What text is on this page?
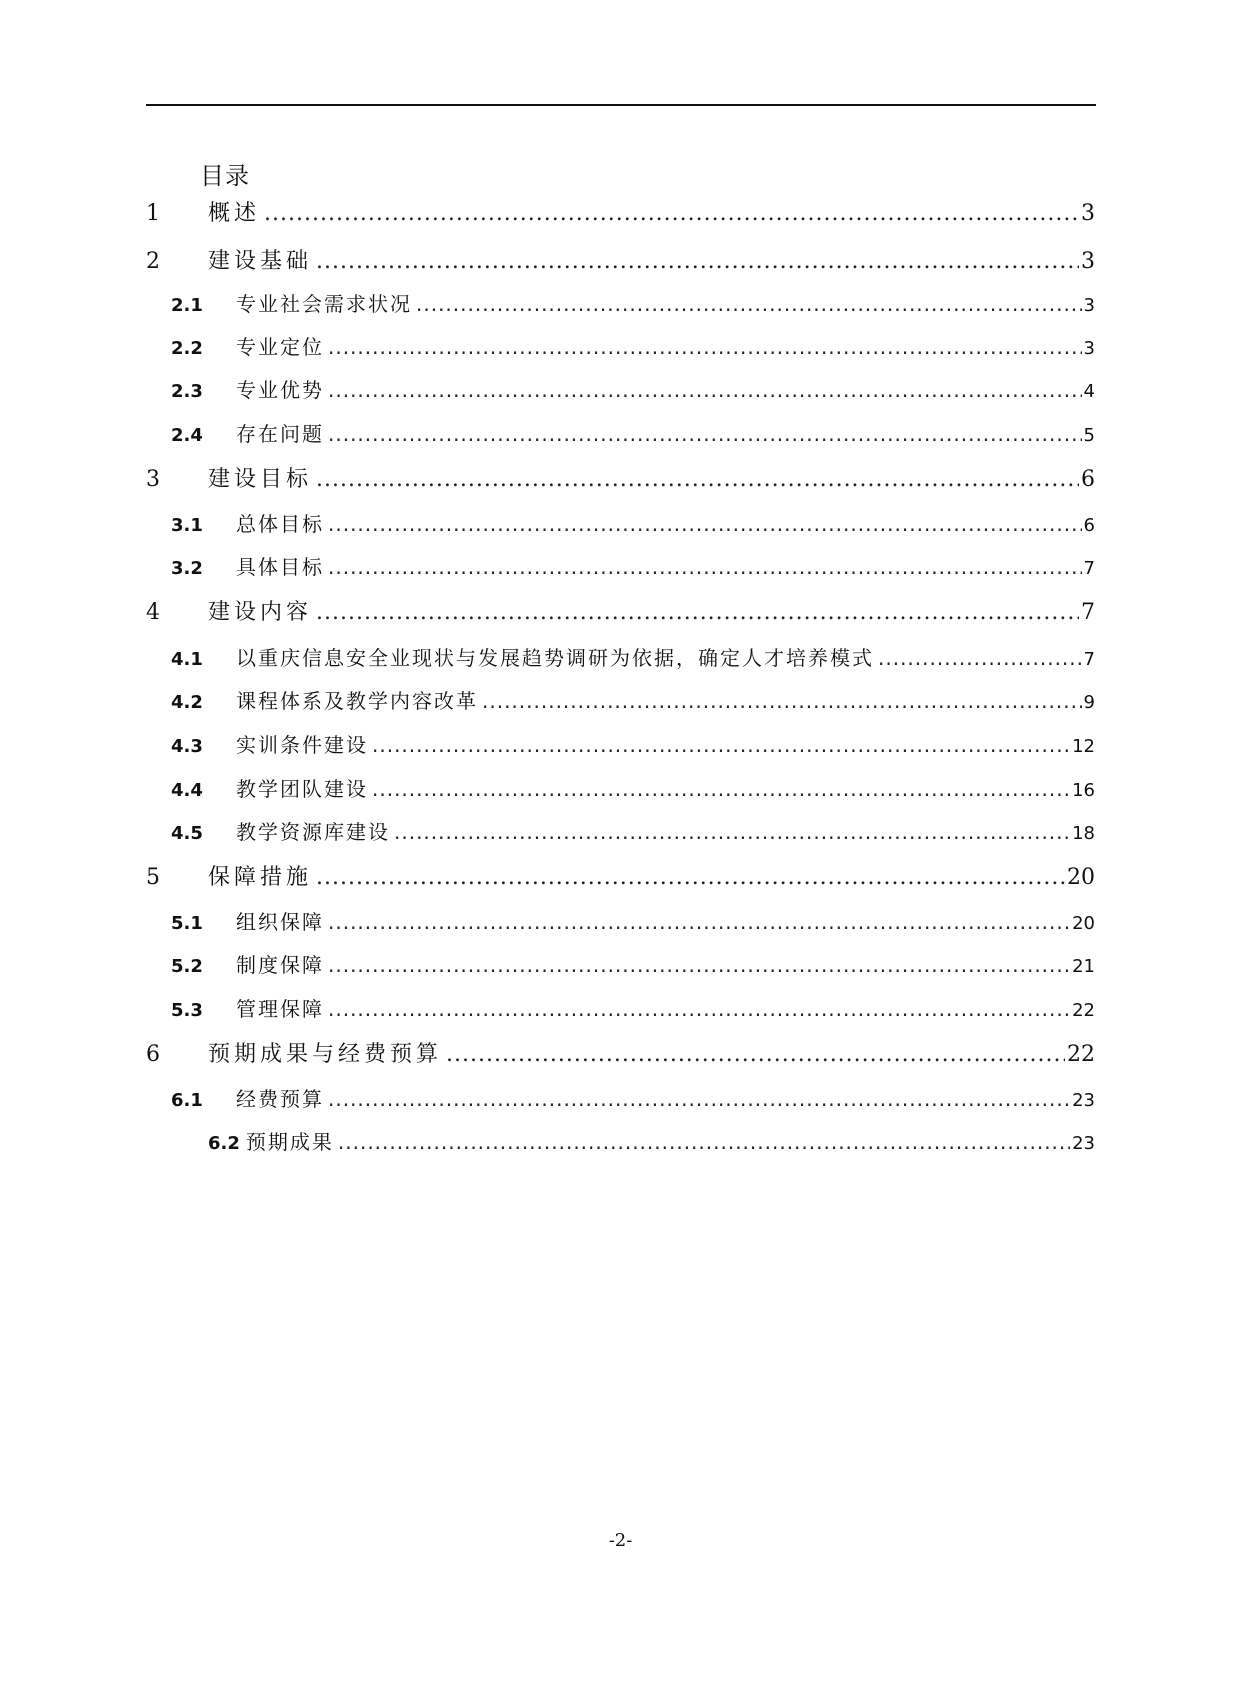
目录
1	概述 .....	3
2	建设基础 .....	3
2.1	专业社会需求状况 .....	3
2.2	专业定位 .....	3
2.3	专业优势 .....	4
2.4	存在问题 .....	5
3	建设目标 .....	6
3.1	总体目标 .....	6
3.2	具体目标 .....	7
4	建设内容 .....	7
4.1	以重庆信息安全业现状与发展趋势调研为依据，确定人才培养模式 .....	7
4.2	课程体系及教学内容改革 .....	9
4.3	实训条件建设 .....	12
4.4	教学团队建设 .....	16
4.5	教学资源库建设 .....	18
5	保障措施 .....	20
5.1	组织保障 .....	20
5.2	制度保障 .....	21
5.3	管理保障 .....	22
6	预期成果与经费预算 .....	22
6.1	经费预算 .....	23
6.2 预期成果 .....	23
-2-
